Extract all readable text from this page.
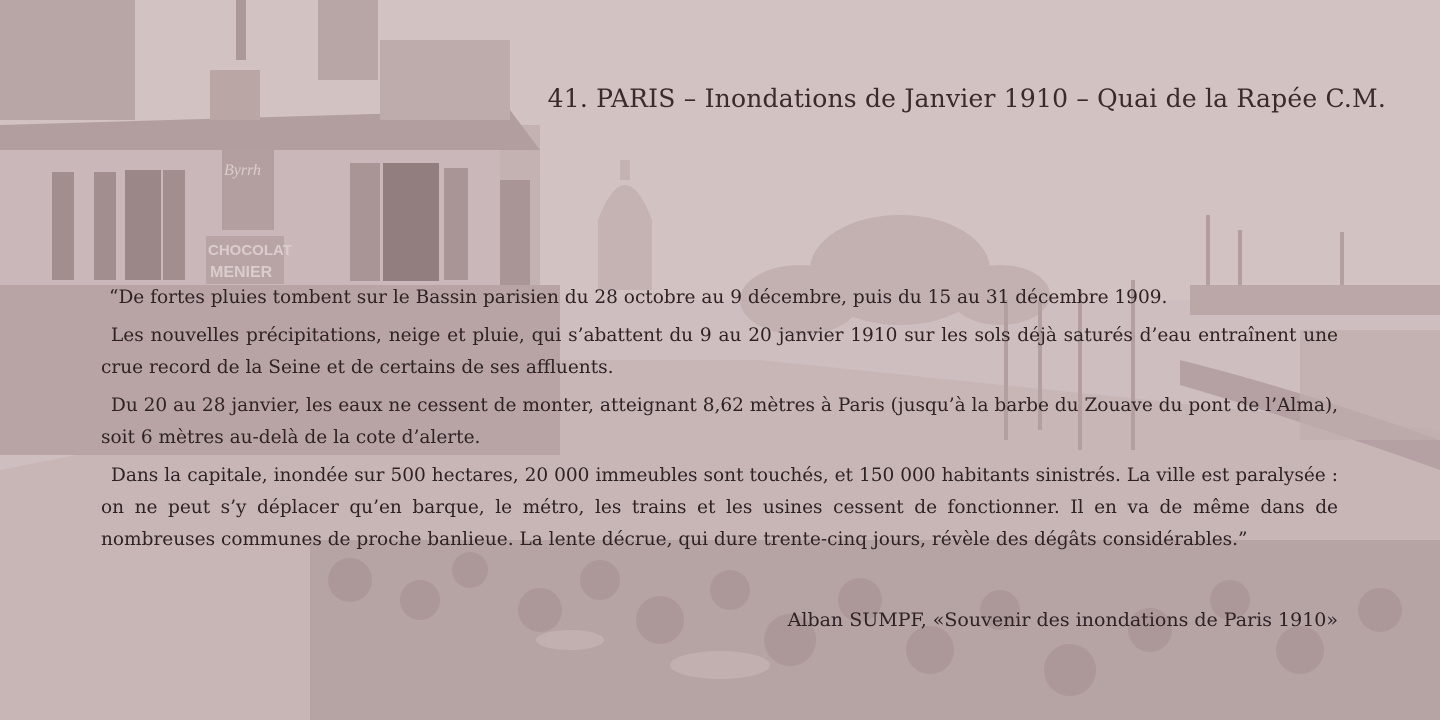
Byrrh
CHOCOLAT
MENIER
41. PARIS – Inondations de Janvier 1910 – Quai de la Rapée C.M.

“De fortes pluies tombent sur le Bassin parisien du 28 octobre au 9 décembre, puis du 15 au 31 décembre 1909.

Les nouvelles précipitations, neige et pluie, qui s’abattent du 9 au 20 janvier 1910 sur les sols déjà saturés d’eau entraînent une crue record de la Seine et de certains de ses affluents.

Du 20 au 28 janvier, les eaux ne cessent de monter, atteignant 8,62 mètres à Paris (jusqu’à la barbe du Zouave du pont de l’Alma), soit 6 mètres au-delà de la cote d’alerte.

Dans la capitale, inondée sur 500 hectares, 20 000 immeubles sont touchés, et 150 000 habitants sinistrés. La ville est paralysée : on ne peut s’y déplacer qu’en barque, le métro, les trains et les usines cessent de fonctionner. Il en va de même dans de nombreuses communes de proche banlieue. La lente décrue, qui dure trente-cinq jours, révèle des dégâts considérables.”

Alban SUMPF, «Souvenir des inondations de Paris 1910»
